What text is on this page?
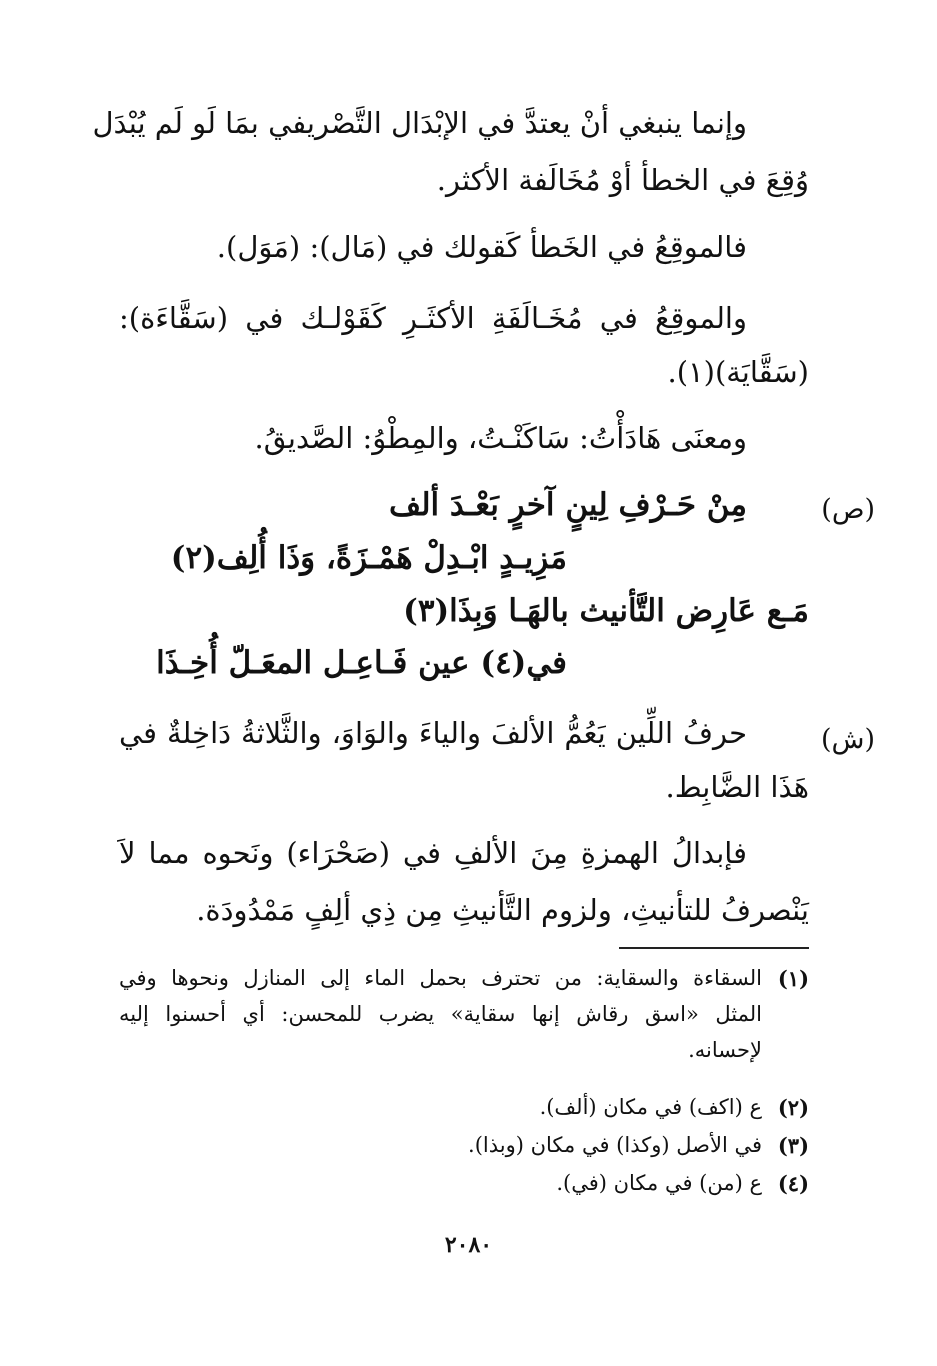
وإنما ينبغي أنْ يعتدَّ في الإبْدَال التَّصْريفي بمَا لَو لَم يُبْدَل
وُقِعَ في الخطأ أوْ مُخَالَفة الأكثر.
فالموقِعُ في الخَطأ كَقولك في (مَال): (مَوَل).
والموقِعُ في مُخَـالَفَةِ الأكثَـرِ كَقَوْلـك في (سَقَّاءَة):
(سَقَّايَة)(١).
ومعنَى هَادَأْتُ: سَاكَنْـتُ، والمِطْوُ: الصَّديقُ.
(ص)
مِنْ حَـرْفِ لِينٍ آخرٍ بَعْـدَ ألف
مَزِيـدٍ ابْـدِلْ هَمْـزَةً، وَذَا أُلِف(٢)
مَـع عَارِض التَّأنيث بالهَـا وَبِذَا(٣)
في(٤) عين فَـاعِـل المعَـلّ أُخِـذَا
(ش)
حرفُ اللِّين يَعُمُّ الألفَ والياءَ والوَاوَ، والثَّلاثةُ دَاخِلةٌ في
هَذَا الضَّابِط.
فإبدالُ الهمزةِ مِنَ الألفِ في (صَحْرَاء) ونَحوه مما لاَ
يَنْصرفُ للتأنيثِ، ولزوم التَّأنيثِ مِن ذِي ألِفٍ مَمْدُودَة.
(١)
السقاءة والسقاية: من تحترف بحمل الماء إلى المنازل ونحوها وفي
المثل «اسق رقاش إنها سقاية» يضرب للمحسن: أي أحسنوا إليه
لإحسانه.
(٢)
ع (اكف) في مكان (ألف).
(٣)
في الأصل (وكذا) في مكان (وبذا).
(٤)
ع (من) في مكان (في).
٢٠٨٠
